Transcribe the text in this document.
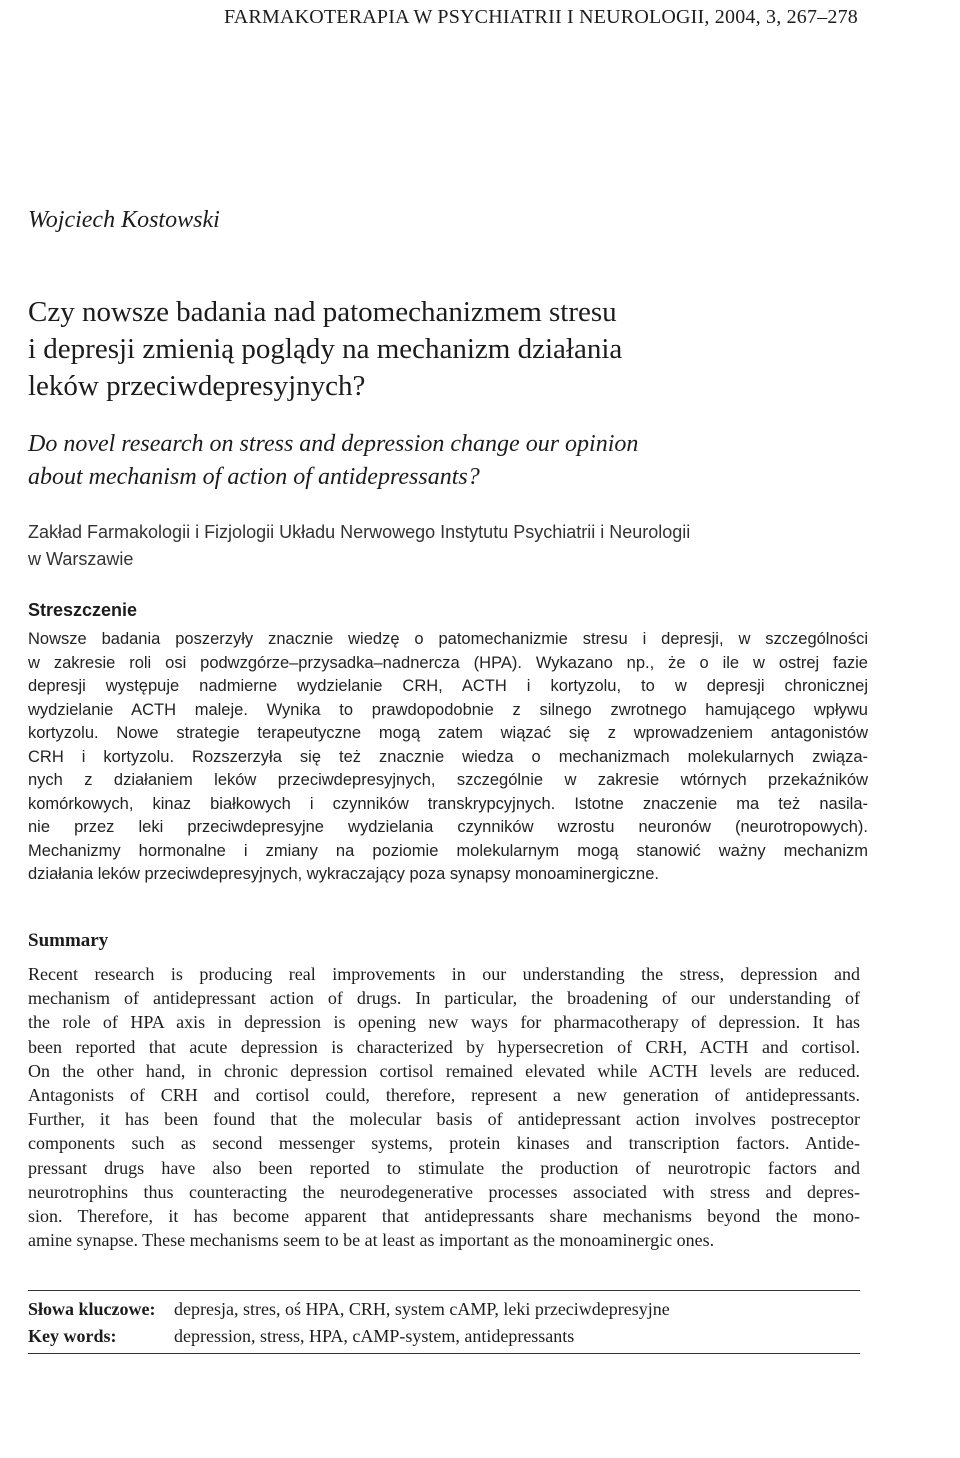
FARMAKOTERAPIA W PSYCHIATRII I NEUROLOGII, 2004, 3, 267–278
Wojciech Kostowski
Czy nowsze badania nad patomechanizmem stresu
i depresji zmienią poglądy na mechanizm działania
leków przeciwdepresyjnych?
Do novel research on stress and depression change our opinion
about mechanism of action of antidepressants?
Zakład Farmakologii i Fizjologii Układu Nerwowego Instytutu Psychiatrii i Neurologii
w Warszawie
Streszczenie
Nowsze badania poszerzyły znacznie wiedzę o patomechanizmie stresu i depresji, w szczególności
w zakresie roli osi podwzgórze–przysadka–nadnercza (HPA). Wykazano np., że o ile w ostrej fazie
depresji występuje nadmierne wydzielanie CRH, ACTH i kortyzolu, to w depresji chronicznej
wydzielanie ACTH maleje. Wynika to prawdopodobnie z silnego zwrotnego hamującego wpływu
kortyzolu. Nowe strategie terapeutyczne mogą zatem wiązać się z wprowadzeniem antagonistów
CRH i kortyzolu. Rozszerzyła się też znacznie wiedza o mechanizmach molekularnych związa-
nych z działaniem leków przeciwdepresyjnych, szczególnie w zakresie wtórnych przekaźników
komórkowych, kinaz białkowych i czynników transkrypcyjnych. Istotne znaczenie ma też nasila-
nie przez leki przeciwdepresyjne wydzielania czynników wzrostu neuronów (neurotropowych).
Mechanizmy hormonalne i zmiany na poziomie molekularnym mogą stanowić ważny mechanizm
działania leków przeciwdepresyjnych, wykraczający poza synapsy monoaminergiczne.
Summary
Recent research is producing real improvements in our understanding the stress, depression and
mechanism of antidepressant action of drugs. In particular, the broadening of our understanding of
the role of HPA axis in depression is opening new ways for pharmacotherapy of depression. It has
been reported that acute depression is characterized by hypersecretion of CRH, ACTH and cortisol.
On the other hand, in chronic depression cortisol remained elevated while ACTH levels are reduced.
Antagonists of CRH and cortisol could, therefore, represent a new generation of antidepressants.
Further, it has been found that the molecular basis of antidepressant action involves postreceptor
components such as second messenger systems, protein kinases and transcription factors. Antide-
pressant drugs have also been reported to stimulate the production of neurotropic factors and
neurotrophins thus counteracting the neurodegenerative processes associated with stress and depres-
sion. Therefore, it has become apparent that antidepressants share mechanisms beyond the mono-
amine synapse. These mechanisms seem to be at least as important as the monoaminergic ones.
Słowa kluczowe:	depresja, stres, oś HPA, CRH, system cAMP, leki przeciwdepresyjne
Key words:	depression, stress, HPA, cAMP-system, antidepressants
